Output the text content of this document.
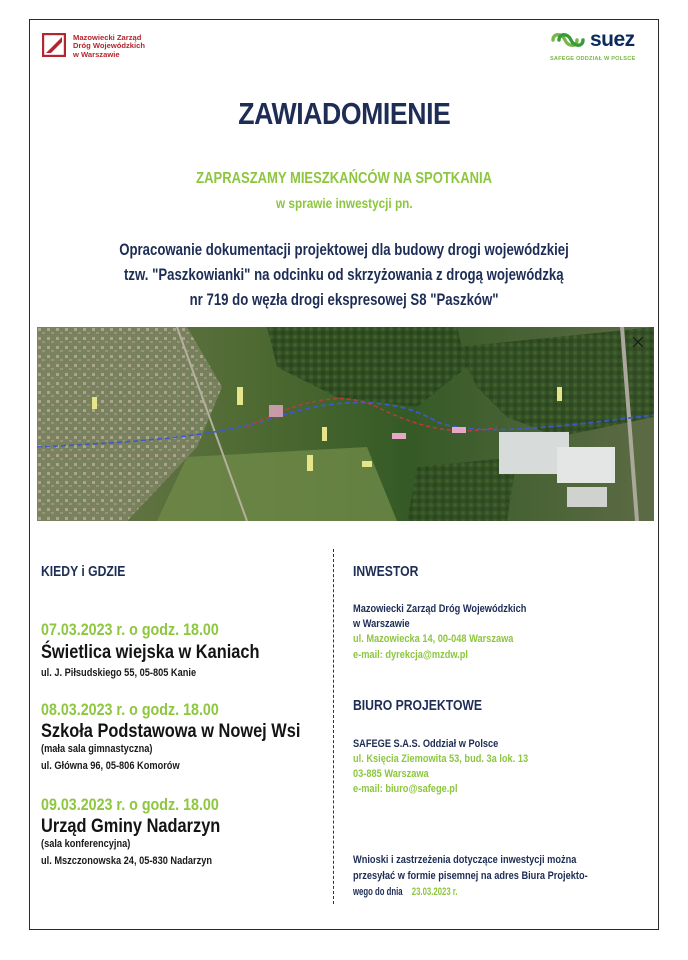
Mazowiecki Zarząd
Dróg Wojewódzkich
w Warszawie
suez
SAFEGE ODDZIAŁ W POLSCE
ZAWIADOMIENIE
ZAPRASZAMY MIESZKAŃCÓW NA SPOTKANIA
w sprawie inwestycji pn.
Opracowanie dokumentacji projektowej dla budowy drogi wojewódzkiej
tzw. "Paszkowianki" na odcinku od skrzyżowania z drogą wojewódzką
nr 719 do węzła drogi ekspresowej S8 "Paszków"
KIEDY i GDZIE
07.03.2023 r. o godz. 18.00
Świetlica wiejska w Kaniach
ul. J. Piłsudskiego 55, 05-805 Kanie
08.03.2023 r. o godz. 18.00
Szkoła Podstawowa w Nowej Wsi
(mała sala gimnastyczna)
ul. Główna 96, 05-806 Komorów
09.03.2023 r. o godz. 18.00
Urząd Gminy Nadarzyn
(sala konferencyjna)
ul. Mszczonowska 24, 05-830 Nadarzyn
INWESTOR
Mazowiecki Zarząd Dróg Wojewódzkich
w Warszawie
ul. Mazowiecka 14, 00-048 Warszawa
e-mail: dyrekcja@mzdw.pl
BIURO PROJEKTOWE
SAFEGE S.A.S. Oddział w Polsce
ul. Księcia Ziemowita 53, bud. 3a lok. 13
03-885 Warszawa
e-mail: biuro@safege.pl
Wnioski i zastrzeżenia dotyczące inwestycji można
przesyłać w formie pisemnej na adres Biura Projekto-
wego do dnia23.03.2023 r.
